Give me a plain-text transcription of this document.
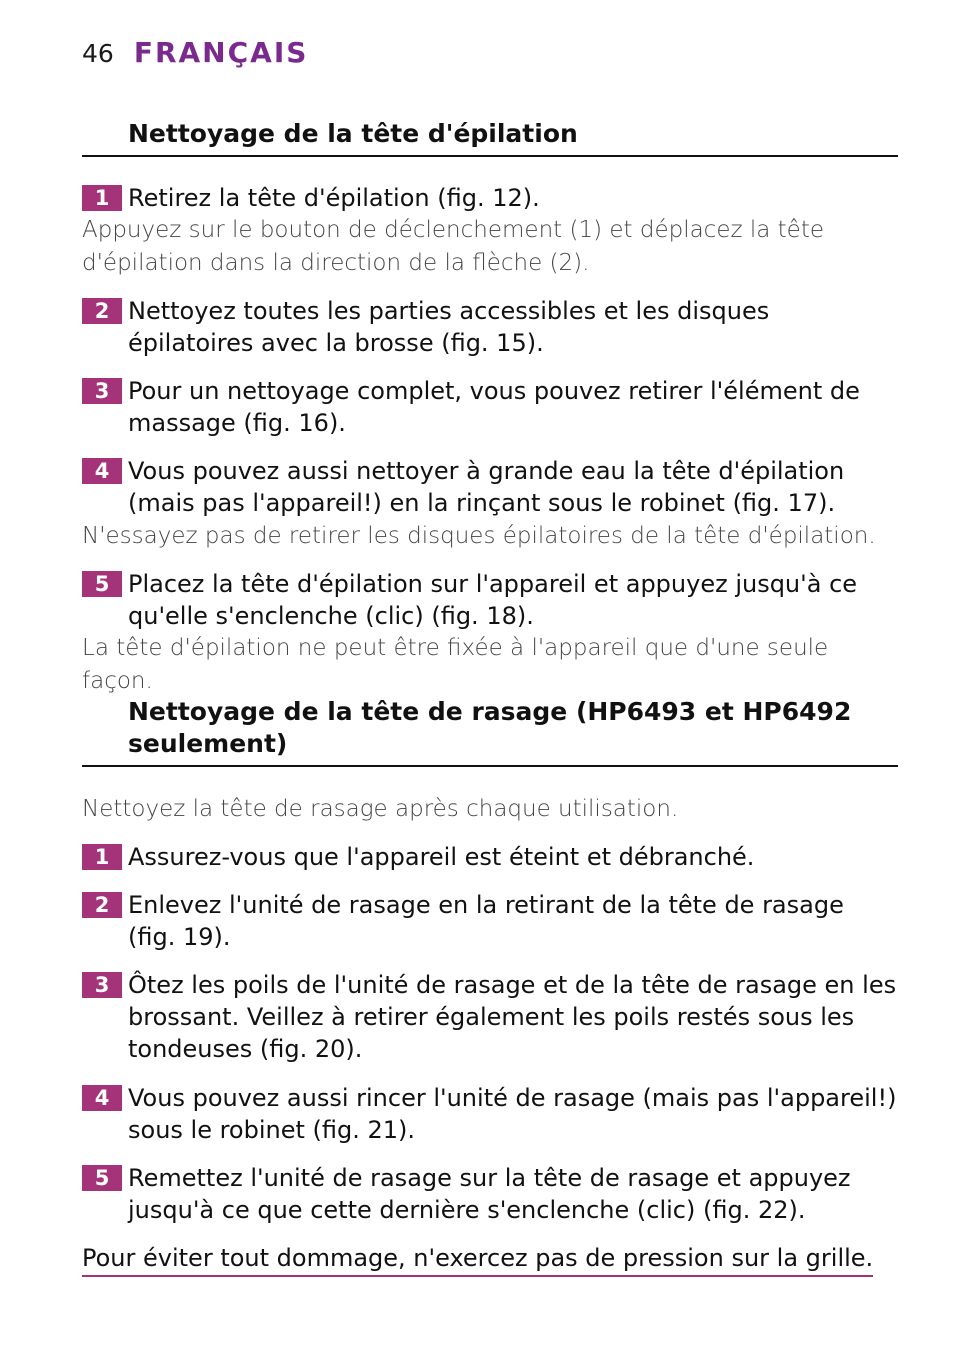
46 FRANÇAIS
Nettoyage de la tête d'épilation
1 Retirez la tête d'épilation (fig. 12).
Appuyez sur le bouton de déclenchement (1) et déplacez la tête d'épilation dans la direction de la flèche (2).
2 Nettoyez toutes les parties accessibles et les disques épilatoires avec la brosse (fig. 15).
3 Pour un nettoyage complet, vous pouvez retirer l'élément de massage (fig. 16).
4 Vous pouvez aussi nettoyer à grande eau la tête d'épilation (mais pas l'appareil!) en la rinçant sous le robinet (fig. 17).
N'essayez pas de retirer les disques épilatoires de la tête d'épilation.
5 Placez la tête d'épilation sur l'appareil et appuyez jusqu'à ce qu'elle s'enclenche (clic) (fig. 18).
La tête d'épilation ne peut être fixée à l'appareil que d'une seule façon.
Nettoyage de la tête de rasage (HP6493 et HP6492 seulement)
Nettoyez la tête de rasage après chaque utilisation.
1 Assurez-vous que l'appareil est éteint et débranché.
2 Enlevez l'unité de rasage en la retirant de la tête de rasage (fig. 19).
3 Ôtez les poils de l'unité de rasage et de la tête de rasage en les brossant. Veillez à retirer également les poils restés sous les tondeuses (fig. 20).
4 Vous pouvez aussi rincer l'unité de rasage (mais pas l'appareil!) sous le robinet (fig. 21).
5 Remettez l'unité de rasage sur la tête de rasage et appuyez jusqu'à ce que cette dernière s'enclenche (clic) (fig. 22).
Pour éviter tout dommage, n'exercez pas de pression sur la grille.
